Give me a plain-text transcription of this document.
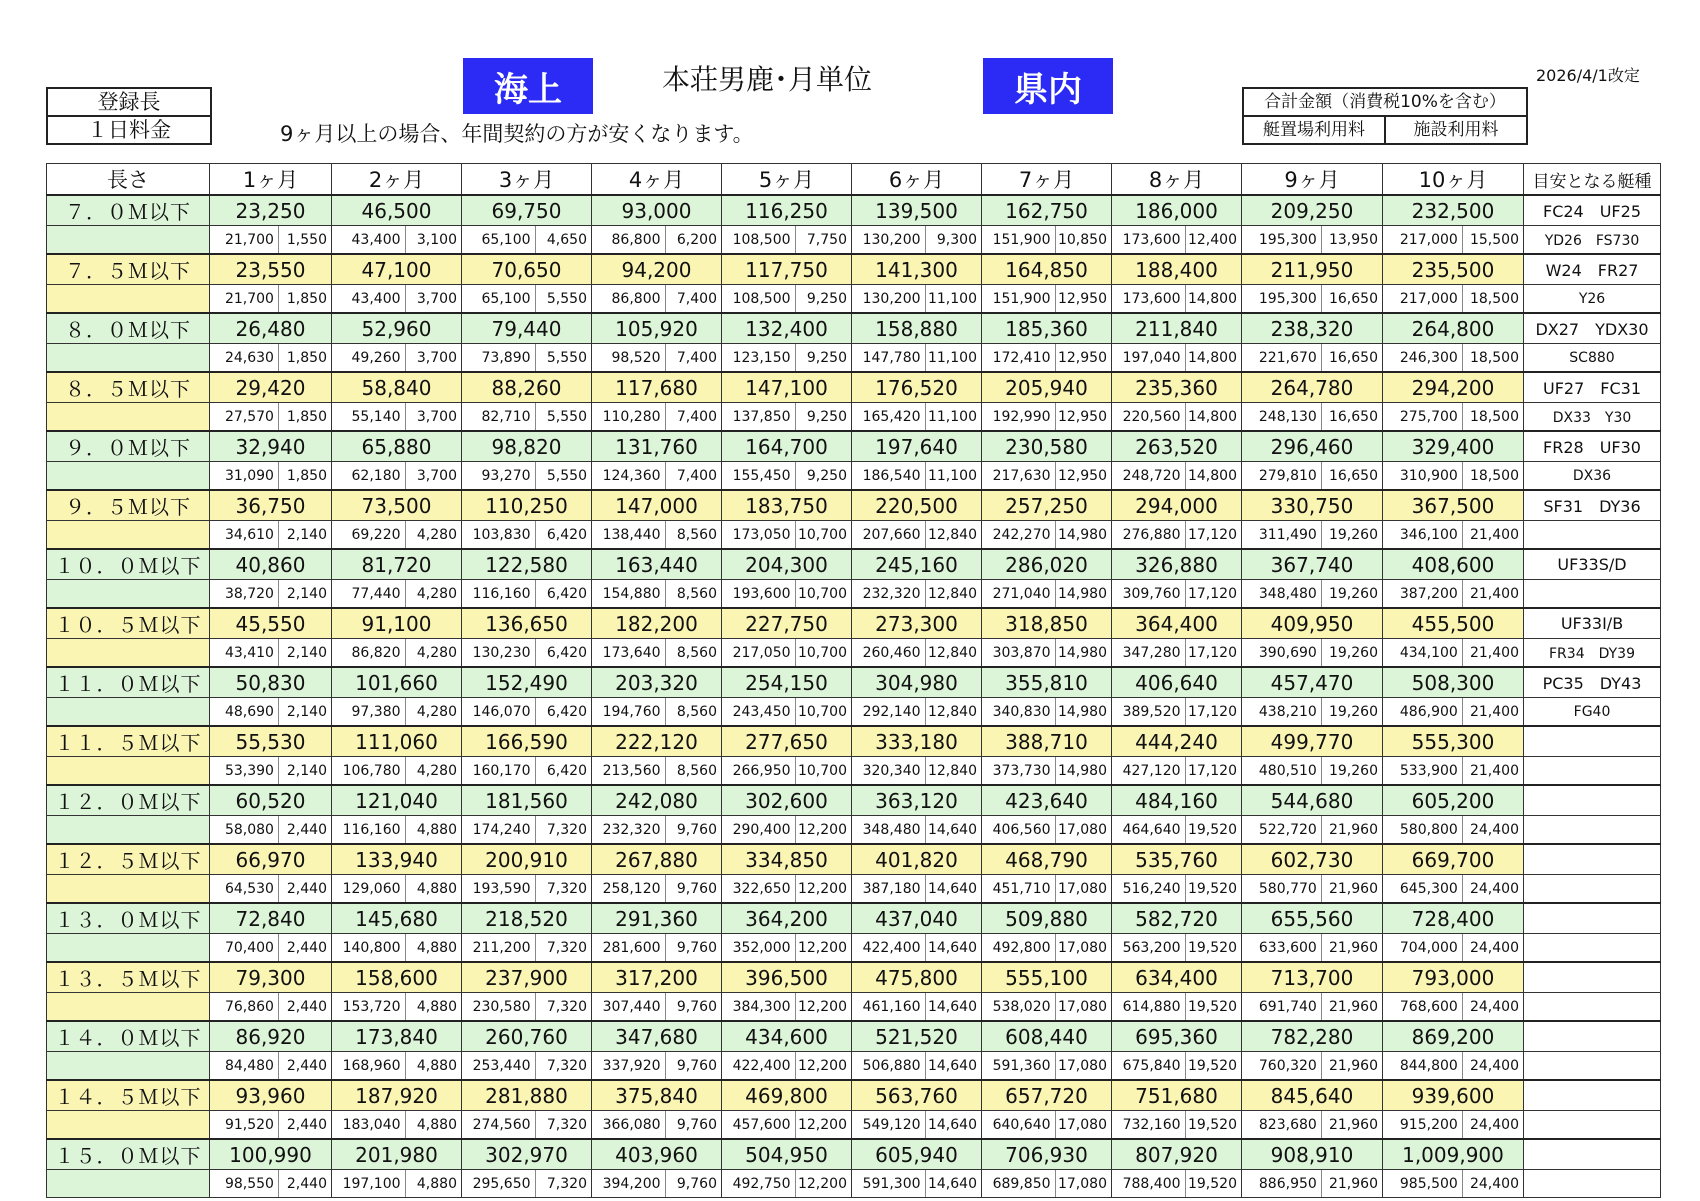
海上	本荘男鹿･月単位	県内	2026/4/1改定
登録長
１日料金	9ヶ月以上の場合、年間契約の方が安くなります。
合計金額（消費税10%を含む）
艇置場利用料	施設利用料
長さ	1ヶ月	2ヶ月	3ヶ月	4ヶ月	5ヶ月	6ヶ月	7ヶ月	8ヶ月	9ヶ月	10ヶ月	目安となる艇種
７．０Ｍ以下	23,250	46,500	69,750	93,000	116,250	139,500	162,750	186,000	209,250	232,500	FC24　UF25

21,700 1,550	43,400 3,100	65,100 4,650	86,800 6,200	108,500 7,750	130,200 9,300	151,900 10,850	173,600 12,400	195,300 13,950	217,000 15,500	YD26　FS730
７．５Ｍ以下	23,550	47,100	70,650	94,200	117,750	141,300	164,850	188,400	211,950	235,500	W24　FR27

21,700 1,850	43,400 3,700	65,100 5,550	86,800 7,400	108,500 9,250	130,200 11,100	151,900 12,950	173,600 14,800	195,300 16,650	217,000 18,500	Y26
８．０Ｍ以下	26,480	52,960	79,440	105,920	132,400	158,880	185,360	211,840	238,320	264,800	DX27　YDX30

24,630 1,850	49,260 3,700	73,890 5,550	98,520 7,400	123,150 9,250	147,780 11,100	172,410 12,950	197,040 14,800	221,670 16,650	246,300 18,500	SC880
８．５Ｍ以下	29,420	58,840	88,260	117,680	147,100	176,520	205,940	235,360	264,780	294,200	UF27　FC31

27,570 1,850	55,140 3,700	82,710 5,550	110,280 7,400	137,850 9,250	165,420 11,100	192,990 12,950	220,560 14,800	248,130 16,650	275,700 18,500	DX33　Y30
９．０Ｍ以下	32,940	65,880	98,820	131,760	164,700	197,640	230,580	263,520	296,460	329,400	FR28　UF30

31,090 1,850	62,180 3,700	93,270 5,550	124,360 7,400	155,450 9,250	186,540 11,100	217,630 12,950	248,720 14,800	279,810 16,650	310,900 18,500	DX36
９．５Ｍ以下	36,750	73,500	110,250	147,000	183,750	220,500	257,250	294,000	330,750	367,500	SF31　DY36

34,610 2,140	69,220 4,280	103,830 6,420	138,440 8,560	173,050 10,700	207,660 12,840	242,270 14,980	276,880 17,120	311,490 19,260	346,100 21,400	

１０．０Ｍ以下	40,860	81,720	122,580	163,440	204,300	245,160	286,020	326,880	367,740	408,600	UF33S/D

38,720 2,140	77,440 4,280	116,160 6,420	154,880 8,560	193,600 10,700	232,320 12,840	271,040 14,980	309,760 17,120	348,480 19,260	387,200 21,400	

１０．５Ｍ以下	45,550	91,100	136,650	182,200	227,750	273,300	318,850	364,400	409,950	455,500	UF33I/B

43,410 2,140	86,820 4,280	130,230 6,420	173,640 8,560	217,050 10,700	260,460 12,840	303,870 14,980	347,280 17,120	390,690 19,260	434,100 21,400	FR34　DY39
１１．０Ｍ以下	50,830	101,660	152,490	203,320	254,150	304,980	355,810	406,640	457,470	508,300	PC35　DY43

48,690 2,140	97,380 4,280	146,070 6,420	194,760 8,560	243,450 10,700	292,140 12,840	340,830 14,980	389,520 17,120	438,210 19,260	486,900 21,400	FG40
１１．５Ｍ以下	55,530	111,060	166,590	222,120	277,650	333,180	388,710	444,240	499,770	555,300	

53,390 2,140	106,780 4,280	160,170 6,420	213,560 8,560	266,950 10,700	320,340 12,840	373,730 14,980	427,120 17,120	480,510 19,260	533,900 21,400	

１２．０Ｍ以下	60,520	121,040	181,560	242,080	302,600	363,120	423,640	484,160	544,680	605,200	

58,080 2,440	116,160 4,880	174,240 7,320	232,320 9,760	290,400 12,200	348,480 14,640	406,560 17,080	464,640 19,520	522,720 21,960	580,800 24,400	

１２．５Ｍ以下	66,970	133,940	200,910	267,880	334,850	401,820	468,790	535,760	602,730	669,700	

64,530 2,440	129,060 4,880	193,590 7,320	258,120 9,760	322,650 12,200	387,180 14,640	451,710 17,080	516,240 19,520	580,770 21,960	645,300 24,400	

１３．０Ｍ以下	72,840	145,680	218,520	291,360	364,200	437,040	509,880	582,720	655,560	728,400	

70,400 2,440	140,800 4,880	211,200 7,320	281,600 9,760	352,000 12,200	422,400 14,640	492,800 17,080	563,200 19,520	633,600 21,960	704,000 24,400	

１３．５Ｍ以下	79,300	158,600	237,900	317,200	396,500	475,800	555,100	634,400	713,700	793,000	

76,860 2,440	153,720 4,880	230,580 7,320	307,440 9,760	384,300 12,200	461,160 14,640	538,020 17,080	614,880 19,520	691,740 21,960	768,600 24,400	

１４．０Ｍ以下	86,920	173,840	260,760	347,680	434,600	521,520	608,440	695,360	782,280	869,200	

84,480 2,440	168,960 4,880	253,440 7,320	337,920 9,760	422,400 12,200	506,880 14,640	591,360 17,080	675,840 19,520	760,320 21,960	844,800 24,400	

１４．５Ｍ以下	93,960	187,920	281,880	375,840	469,800	563,760	657,720	751,680	845,640	939,600	

91,520 2,440	183,040 4,880	274,560 7,320	366,080 9,760	457,600 12,200	549,120 14,640	640,640 17,080	732,160 19,520	823,680 21,960	915,200 24,400	

１５．０Ｍ以下	100,990	201,980	302,970	403,960	504,950	605,940	706,930	807,920	908,910	1,009,900	

98,550 2,440	197,100 4,880	295,650 7,320	394,200 9,760	492,750 12,200	591,300 14,640	689,850 17,080	788,400 19,520	886,950 21,960	985,500 24,400	
